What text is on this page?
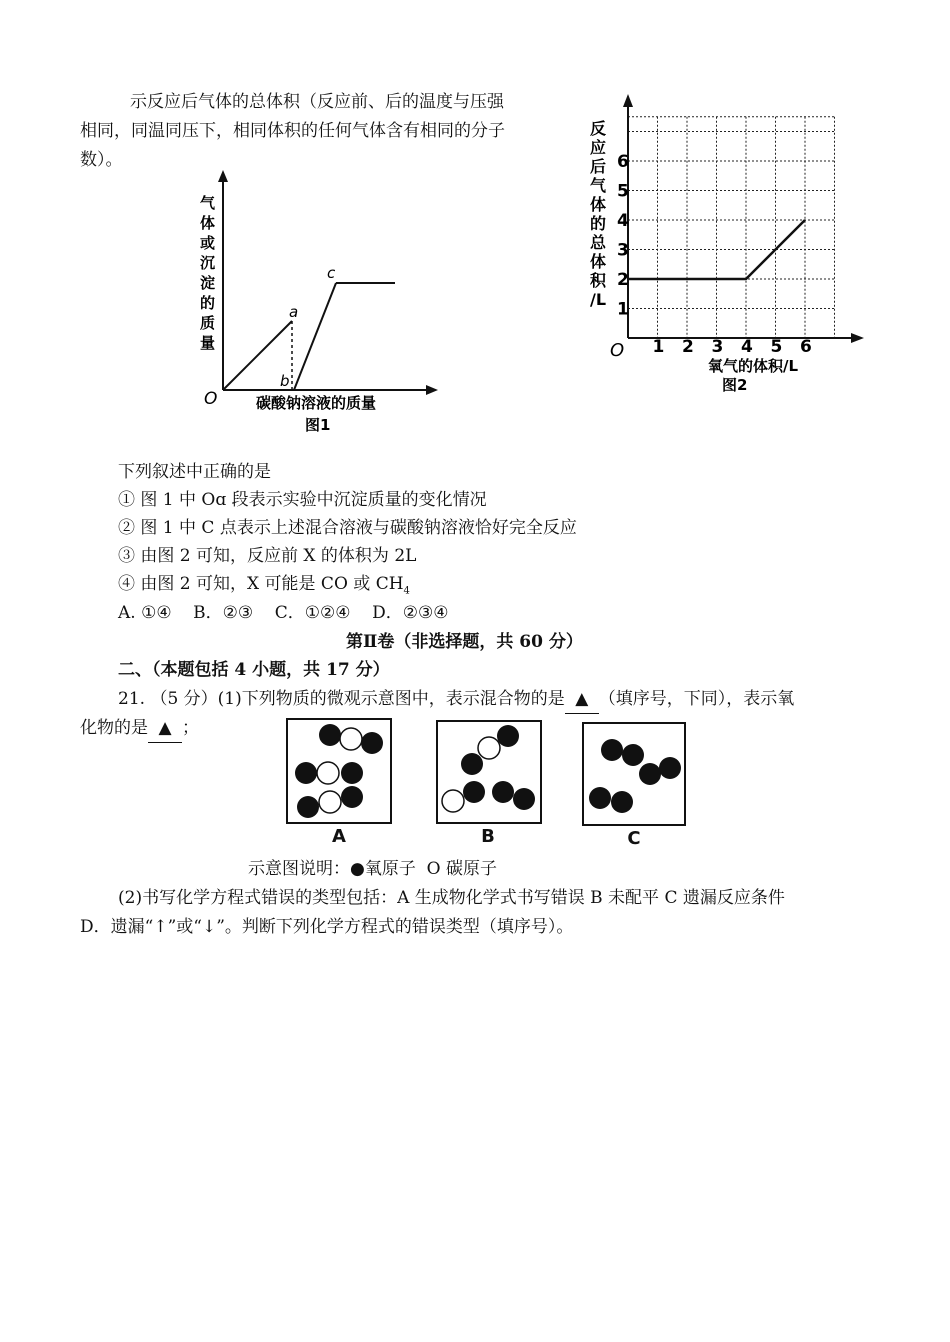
示反应后气体的总体积（反应前、后的温度与压强
相同，同温同压下，相同体积的任何气体含有相同的分子
数）。
a
b
c
O
气
体
或
沉
淀
的
质
量
碳酸钠溶液的质量
图1
1 2 3 4 5 6
1
2
3
4
5
6
反
应
后
气
体
的
总
体
积
/L
O
氧气的体积/L
图2
下列叙述中正确的是
① 图 1 中 Oɑ 段表示实验中沉淀质量的变化情况
② 图 1 中 C 点表示上述混合溶液与碳酸钠溶液恰好完全反应
③ 由图 2 可知，反应前 X 的体积为 2L
④ 由图 2 可知，X 可能是 CO 或 $CH_4$
A. ①④    B．②③    C．①②④    D．②③④
第Ⅱ卷（非选择题，共 60 分）
二、（本题包括 4 小题，共 17 分）
21. （5 分）(1)下列物质的微观示意图中，表示混合物的是 ▲ （填序号，下同），表示氧
化物的是 ▲ ；
A	B	C
示意图说明：●氧原子  O 碳原子
(2)书写化学方程式错误的类型包括：A 生成物化学式书写错误 B 未配平 C 遗漏反应条件
D．遗漏“↑”或“↓”。判断下列化学方程式的错误类型（填序号）。
